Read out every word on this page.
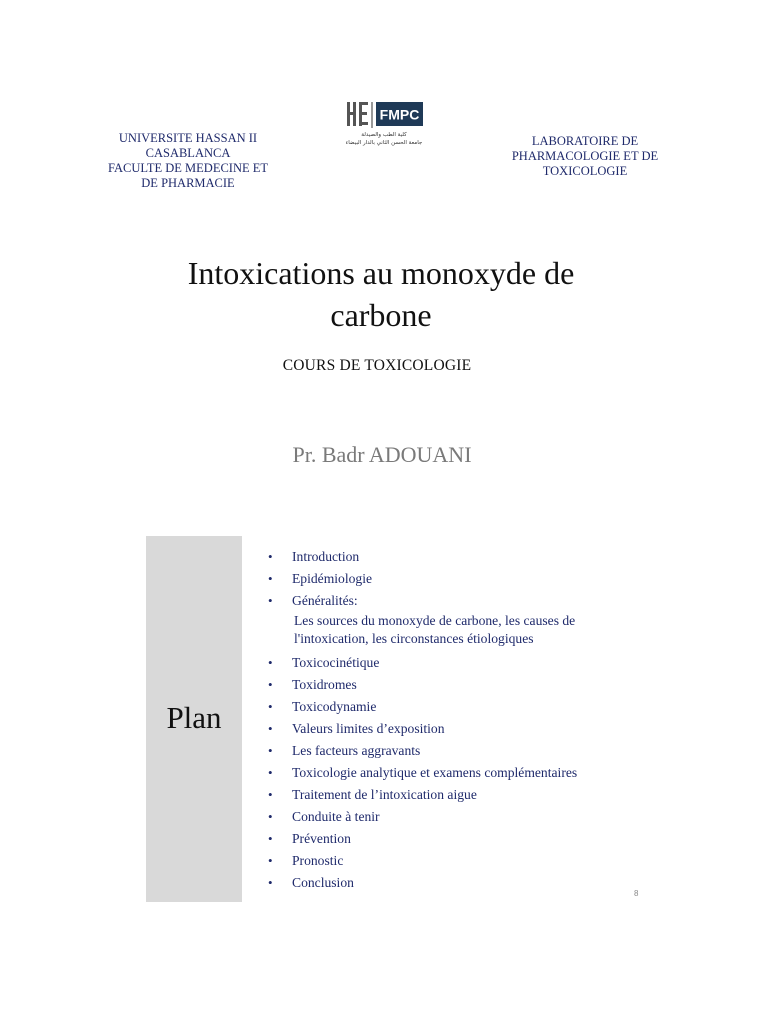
UNIVERSITE HASSAN II
CASABLANCA
FACULTE DE MEDECINE ET
DE PHARMACIE
FMPC
كلية الطب والصيدلة
جامعة الحسن الثاني بالدار البيضاء	LABORATOIRE DE
PHARMACOLOGIE ET DE
TOXICOLOGIE
Intoxications au monoxyde de
carbone
COURS DE TOXICOLOGIE
Pr. Badr ADOUANI
Plan
• Introduction
• Epidémiologie
• Généralités:
Les sources du monoxyde de carbone, les causes de l'intoxication, les circonstances étiologiques
• Toxicocinétique
• Toxidromes
• Toxicodynamie
• Valeurs limites d’exposition
• Les facteurs aggravants
• Toxicologie analytique et examens complémentaires
• Traitement de l’intoxication aigue
• Conduite à tenir
• Prévention
• Pronostic
• Conclusion
8
